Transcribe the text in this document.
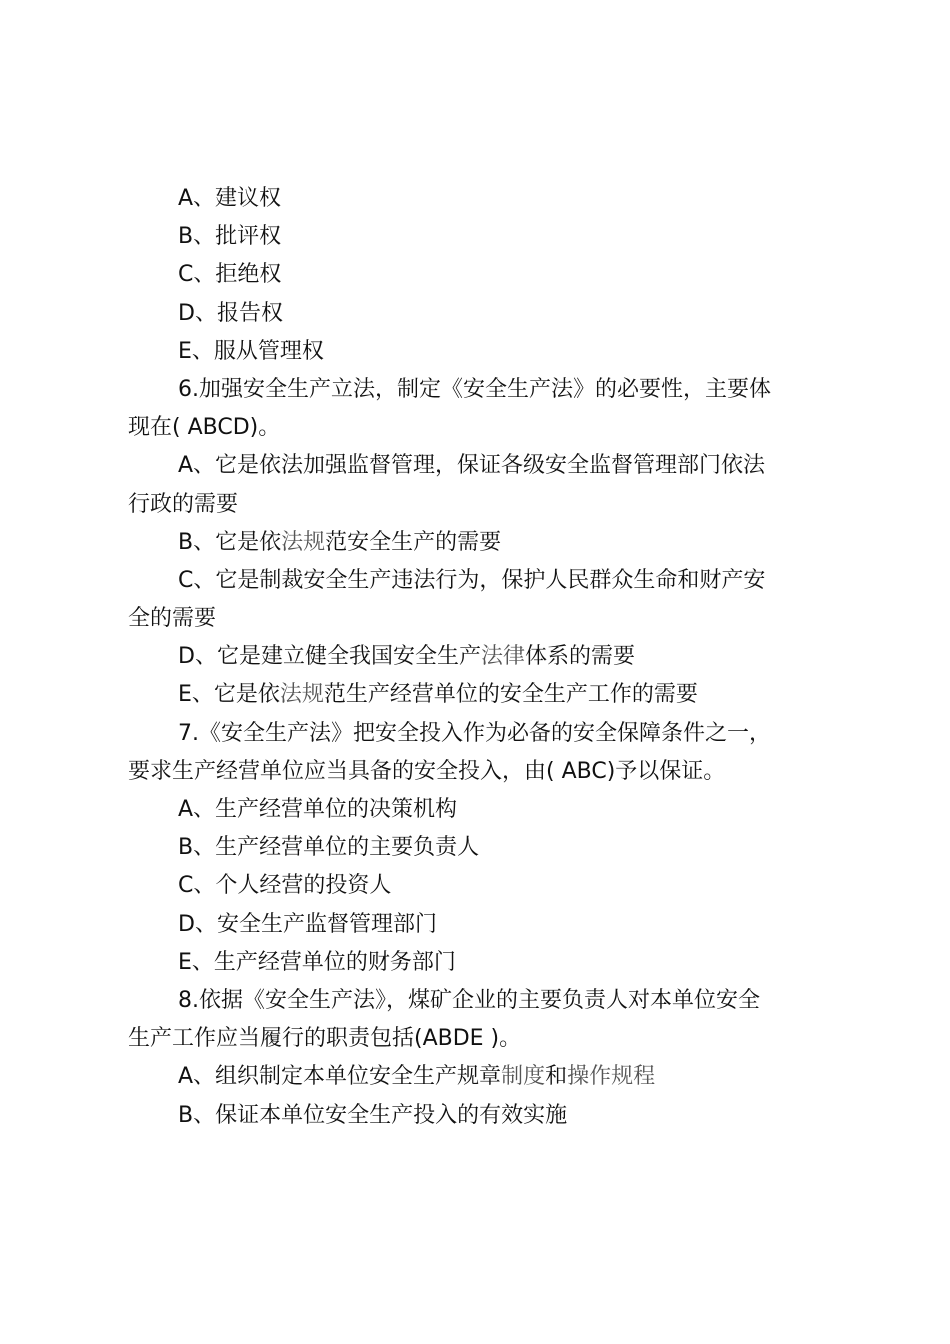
A、建议权
B、批评权
C、拒绝权
D、报告权
E、服从管理权
6.加强安全生产立法，制定《安全生产法》的必要性，主要体
现在( ABCD)。
A、它是依法加强监督管理，保证各级安全监督管理部门依法
行政的需要
B、它是依法规范安全生产的需要
C、它是制裁安全生产违法行为，保护人民群众生命和财产安
全的需要
D、它是建立健全我国安全生产法律体系的需要
E、它是依法规范生产经营单位的安全生产工作的需要
7.《安全生产法》把安全投入作为必备的安全保障条件之一，
要求生产经营单位应当具备的安全投入，由( ABC)予以保证。
A、生产经营单位的决策机构
B、生产经营单位的主要负责人
C、个人经营的投资人
D、安全生产监督管理部门
E、生产经营单位的财务部门
8.依据《安全生产法》，煤矿企业的主要负责人对本单位安全
生产工作应当履行的职责包括(ABDE )。
A、组织制定本单位安全生产规章制度和操作规程
B、保证本单位安全生产投入的有效实施
